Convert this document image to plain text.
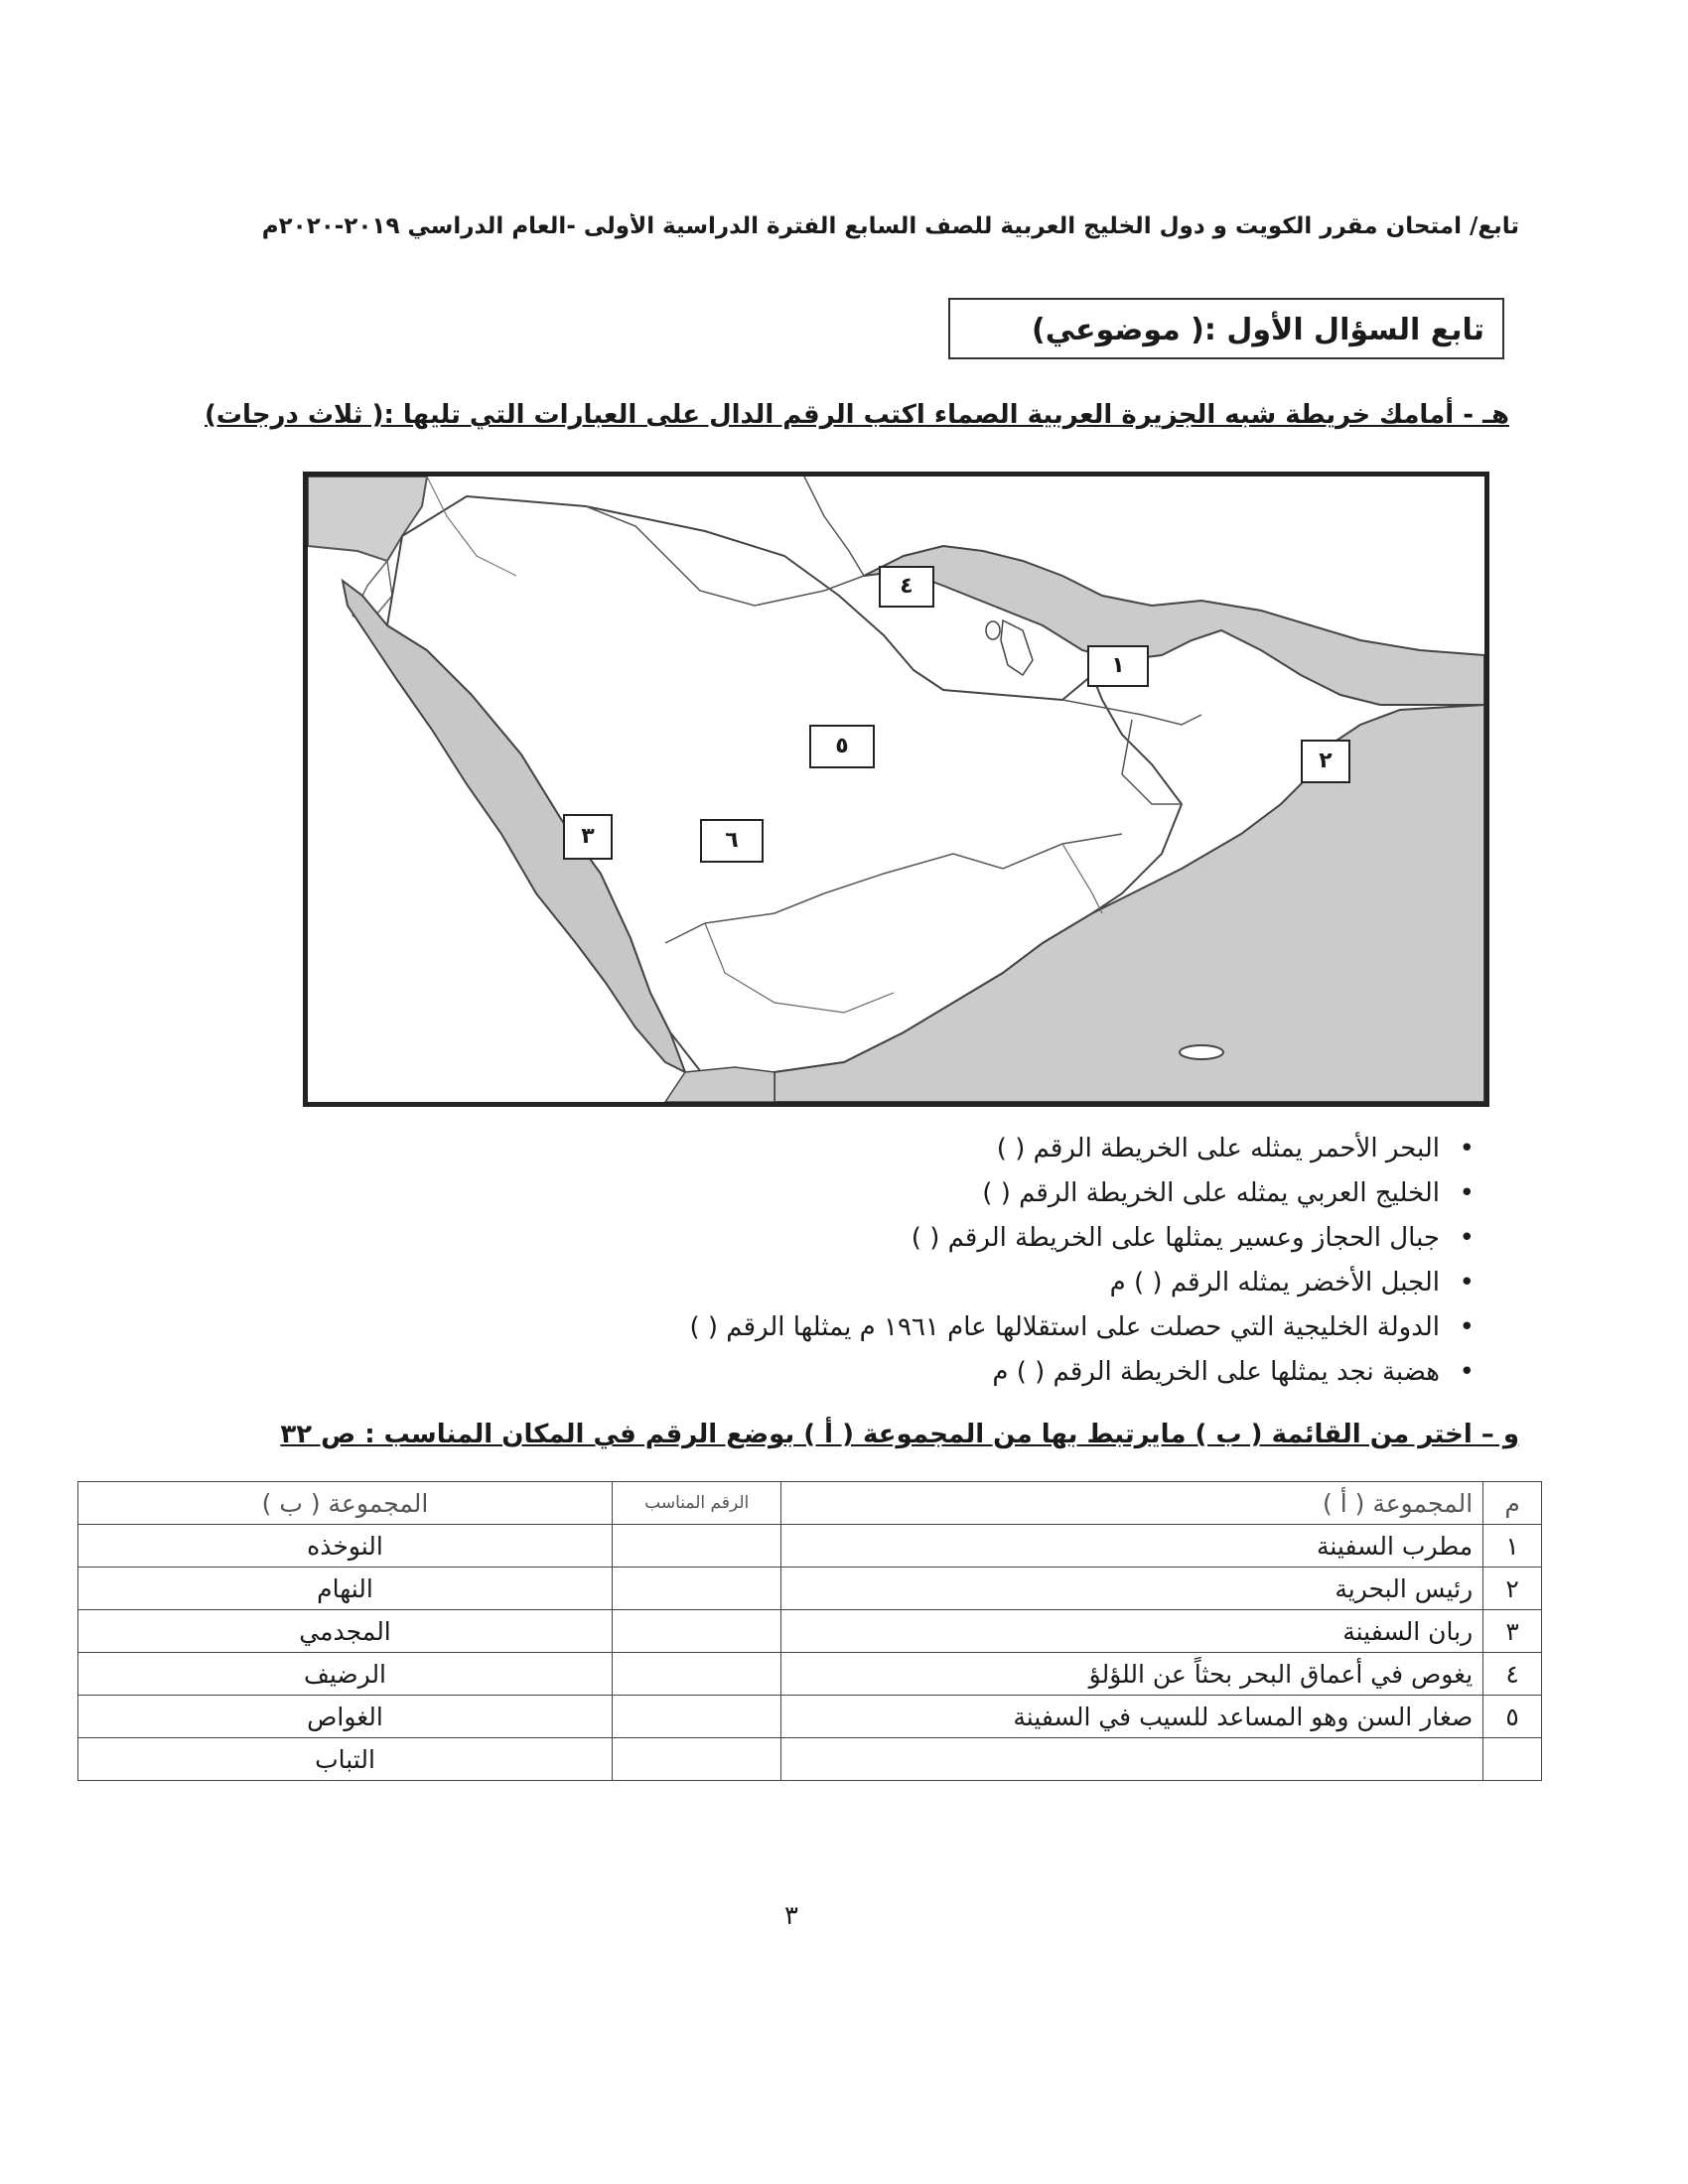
تابع/ امتحان مقرر الكويت و دول الخليج العربية للصف السابع الفترة الدراسية الأولى -العام الدراسي ٢٠١٩-٢٠٢٠م
تابع السؤال الأول :( موضوعي)
هـ - أمامك خريطة شبه الجزيرة العربية الصماء اكتب الرقم الدال على العبارات التي تليها :( ثلاث درجات)
٤
١
٥
٢
٣	٦
• البحر الأحمر يمثله على الخريطة الرقم ( )
• الخليج العربي يمثله على الخريطة الرقم ( )
• جبال الحجاز وعسير يمثلها على الخريطة الرقم ( )
• الجبل الأخضر يمثله الرقم ( ) م
• الدولة الخليجية التي حصلت على استقلالها عام ١٩٦١ م يمثلها الرقم ( )
• هضبة نجد يمثلها على الخريطة الرقم ( ) م
و – اختر من القائمة ( ب ) مايرتبط بها من المجموعة ( أ ) بوضع الرقم في المكان المناسب : ص ٣٢
م	المجموعة ( أ )	الرقم المناسب	المجموعة ( ب )
١	مطرب السفينة		النوخذه
٢	رئيس البحرية		النهام
٣	ربان السفينة		المجدمي
٤	يغوص في أعماق البحر بحثاً عن اللؤلؤ		الرضيف
٥	صغار السن وهو المساعد للسيب في السفينة		الغواص
			التباب
٣
